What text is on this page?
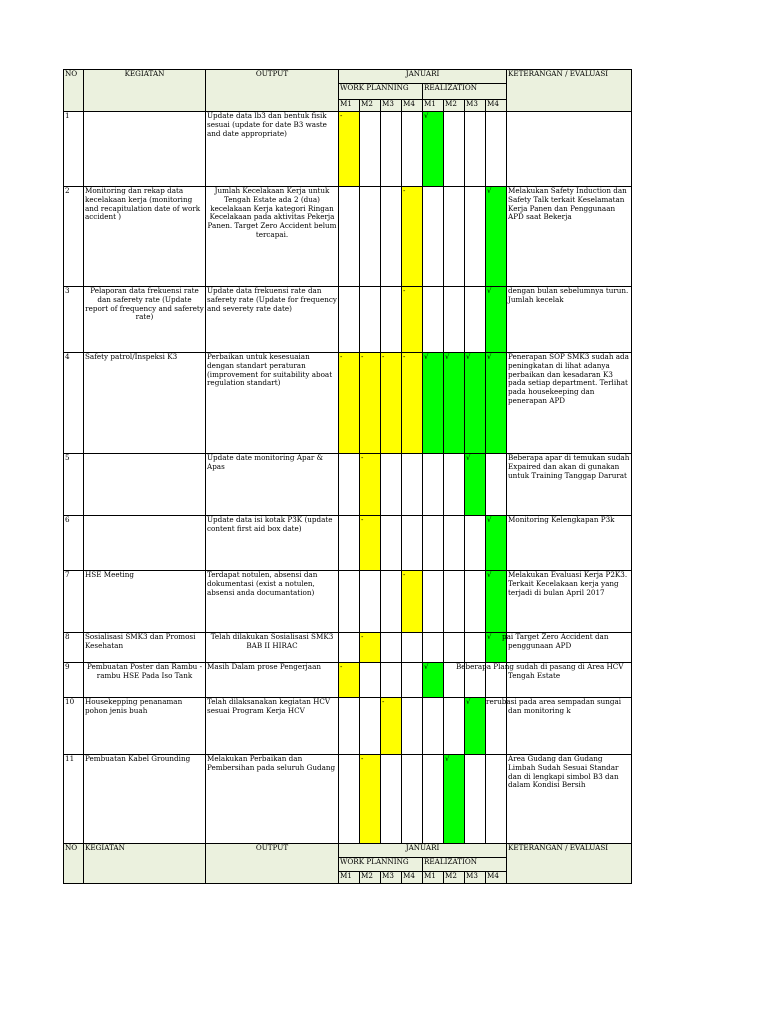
NO	KEGIATAN	OUTPUT	JANUARI								KETERANGAN / EVALUASI
			WORK PLANNING				REALIZATION				
			M1	M2	M3	M4	M1	M2	M3	M4	
1		Update data lb3 dan bentuk fisik sesuai (update for date B3 waste and date appropriate)	-				√				

2	Monitoring dan rekap data kecelakaan kerja (monitoring and recapitulation date of work accident )	Jumlah Kecelakaan Kerja untuk Tengah Estate ada 2 (dua) kecelakaan Kerja kategori Ringan Kecelakaan pada aktivitas Pekerja Panen. Target Zero Accident belum tercapai.				-				√	Melakukan Safety Induction dan Safety Talk terkait Keselamatan Kerja Panen dan Penggunaan APD saat Bekerja
3	Pelaporan data frekuensi rate dan saferety rate (Update report of frequency and saferety rate)	Update data frekuensi rate dan saferety rate (Update for frequency and severety rate date)				-				√	dengan bulan sebelumnya turun. Jumlah kecelak
4	Safety patrol/Inspeksi K3	Perbaikan untuk kesesuaian dengan standart peraturan (improvement for suitability aboat regulation standart)	-	-	-	-	√	√	√	√	Penerapan SOP SMK3 sudah ada peningkatan di lihat adanya perbaikan dan kesadaran K3 pada setiap department. Terlihat pada housekeeping dan penerapan APD
5		Update date monitoring Apar & Apas		-					√		Beberapa apar di temukan sudah Expaired dan akan di gunakan untuk Training Tanggap Darurat
6		Update data isi kotak P3K (update content first aid box date)		-						√	Monitoring Kelengkapan P3k
7	HSE Meeting	Terdapat notulen, absensi dan dokumentasi (exist a notulen, absensi anda documantation)				-				√	Melakukan Evaluasi Kerja P2K3. Terkait Kecelakaan kerja yang terjadi di bulan April 2017
8	Sosialisasi SMK3 dan Promosi Kesehatan	Telah dilakukan Sosialisasi SMK3 BAB II HIRAC		-						√	pai Target Zero Accident dan penggunaan APD
9	Pembuatan Poster dan Rambu - rambu HSE Pada Iso Tank	Masih Dalam prose Pengerjaan	-				√				Beberapa Plang sudah di pasang di Area HCV Tengah Estate
10	Housekepping penanaman pohon jenis buah	Telah dilaksanakan kegiatan HCV sesuai Program Kerja HCV			-				√		rerubasi pada area sempadan sungai dan monitoring k
11	Pembuatan Kabel Grounding	Melakukan Perbaikan dan Pembersihan pada seluruh Gudang		-				√			Area Gudang dan Gudang Limbah Sudah Sesuai Standar dan di lengkapi simbol B3 dan dalam Kondisi Bersih
NO	KEGIATAN	OUTPUT	JANUARI								KETERANGAN / EVALUASI
			WORK PLANNING				REALIZATION				
			M1	M2	M3	M4	M1	M2	M3	M4	
